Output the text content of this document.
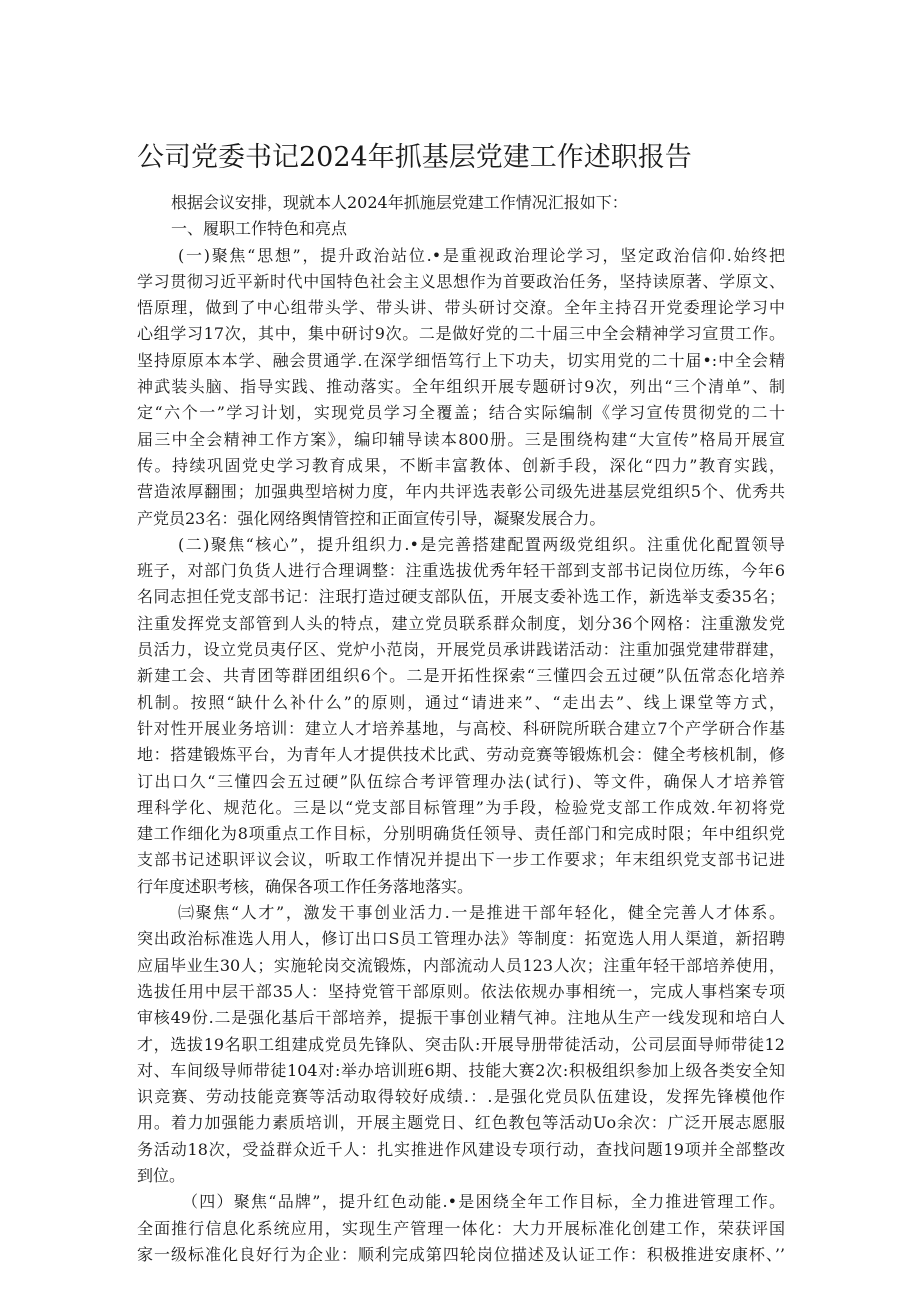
公司党委书记2024年抓基层党建工作述职报告

根据会议安排，现就本人2024年抓施层党建工作情况汇报如下：

一、履职工作特色和亮点

(一)聚焦“思想”，提升政治站位.•是重视政治理论学习，坚定政治信仰.始终把

学习贯彻习近平新时代中国特色社会主义思想作为首要政治任务，坚持读原著、学原文、

悟原理，做到了中心组带头学、带头讲、带头研讨交潦。全年主持召开党委理论学习中

心组学习17次，其中，集中研讨9次。二是做好党的二十届三中全会精神学习宣贯工作。

坚持原原本本学、融会贯通学.在深学细悟笃行上下功夫，切实用党的二十届•:中全会精

神武装头脑、指导实践、推动落实。全年组织开展专题研讨9次，列出“三个清单”、制

定“六个一”学习计划，实现党员学习全覆盖；结合实际编制《学习宣传贯彻党的二十

届三中全会精神工作方案》，编印辅导读本800册。三是围绕构建“大宣传”格局开展宣

传。持续巩固党史学习教育成果，不断丰富教体、创新手段，深化“四力”教育实践，

营造浓厚翻围；加强典型培树力度，年内共评选表彰公司级先进基层党组织5个、优秀共

产党员23名：强化网络舆情管控和正面宣传引导，凝聚发展合力。

(二)聚焦“核心”，提升组织力.•是完善搭建配置两级党组织。注重优化配置领导

班子，对部门负货人进行合理调整：注重选拔优秀年轻干部到支部书记岗位历练，今年6

名同志担任党支部书记：注珉打造过硬支部队伍，开展支委补选工作，新选举支委35名；

注重发挥党支部管到人头的特点，建立党员联系群众制度，划分36个网格：注重激发党

员活力，设立党员夷仔区、党炉小范岗，开展党员承讲践诺活动：注重加强党建带群建，

新建工会、共青团等群团组织6个。二是开拓性探索“三懂四会五过硬”队伍常态化培养

机制。按照“缺什么补什么”的原则，通过“请进来”、“走出去”、线上课堂等方式，

针对性开展业务培训：建立人才培养基地，与高校、科研院所联合建立7个产学研合作基

地：搭建锻炼平台，为青年人才提供技术比武、劳动竞赛等锻炼机会：健全考核机制，修

订出口久“三懂四会五过硬”队伍综合考评管理办法(试行)、等文件，确保人才培养管

理科学化、规范化。三是以“党支部目标管理”为手段，检验党支部工作成效.年初将党

建工作细化为8项重点工作目标，分别明确货任领导、责任部门和完成时限；年中组织党

支部书记述职评议会议，听取工作情况并提出下一步工作要求；年末组织党支部书记进

行年度述职考核，确保各项工作任务落地落实。

㈢聚焦“人才”，激发干事创业活力.一是推进干部年轻化，健全完善人才体系。

突出政治标准选人用人，修订出口S员工管理办法》等制度：拓宽选人用人渠道，新招聘

应届毕业生30人；实施轮岗交流锻炼，内部流动人员123人次；注重年轻干部培养使用，

选拔任用中层干部35人：坚持党管干部原则。依法依规办事相统一，完成人事档案专项

审核49份.二是强化基后干部培养，提振干事创业精气神。注地从生产一线发现和培白人

才，选拔19名职工组建成党员先锋队、突击队:开展导册带徒活动，公司层面导师带徒12

对、车间级导师带徒104对:举办培训班6期、技能大赛2次:积极组织参加上级各类安全知

识竞赛、劳动技能竞赛等活动取得较好成绩.：.是强化党员队伍建设，发挥先锋模他作

用。着力加强能力素质培训，开展主题党日、红色教包等活动Uo余次：广泛开展志愿服

务活动18次，受益群众近千人：扎实推进作风建设专项行动，查找问题19项并全部整改

到位。

（四）聚焦“品牌”，提升红色动能.•是困绕全年工作目标，全力推进管理工作。

全面推行信息化系统应用，实现生产管理一体化：大力开展标准化创建工作，荣获评国

家一级标准化良好行为企业：顺利完成第四轮岗位描述及认证工作：积极推进安康杯、’’
